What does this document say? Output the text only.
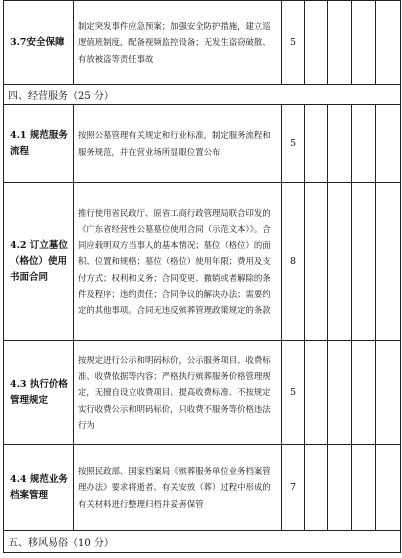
3.7安全保障	制定突发事件应急预案；加强安全防护措施，建立巡逻值班制度，配备视频监控设备；无发生盗窃破散、有放被盗等责任事故	5				
四、经营服务（25 分）						
4.1 规范服务流程	按照公墓管理有关规定和行业标准，制定服务流程和服务规范，并在营业场所显眼位置公布	5				
4.2 订立墓位（格位）使用书面合同	推行使用省民政厅、原省工商行政管理局联合印发的《广东省经营性公墓墓位使用合同（示范文本）》。合同应载明双方当事人的基本情况；墓位（格位）的面积、位置和规格；墓位（格位）使用年限；费用及支付方式；权利和义务；合同变更、撤销或者解除的条件及程序；违约责任；合同争议的解决办法；需要约定的其他事项。合同无违反殡葬管理政策规定的条款	8				
4.3 执行价格管理规定	按规定进行公示和明码标价，公示服务项目、收费标准、收费依据等内容；严格执行殡葬服务价格管理规定，无擅自设立收费项目、提高收费标准、不按规定实行收费公示和明码标价，只收费不服务等价格违法行为	5				
4.4 规范业务档案管理	按照民政部、国家档案局《殡葬服务单位业务档案管理办法》要求将逝者、有关安放（葬）过程中形成的有关材料进行整理归档并妥善保管	7				
五、移风易俗（10 分）						
